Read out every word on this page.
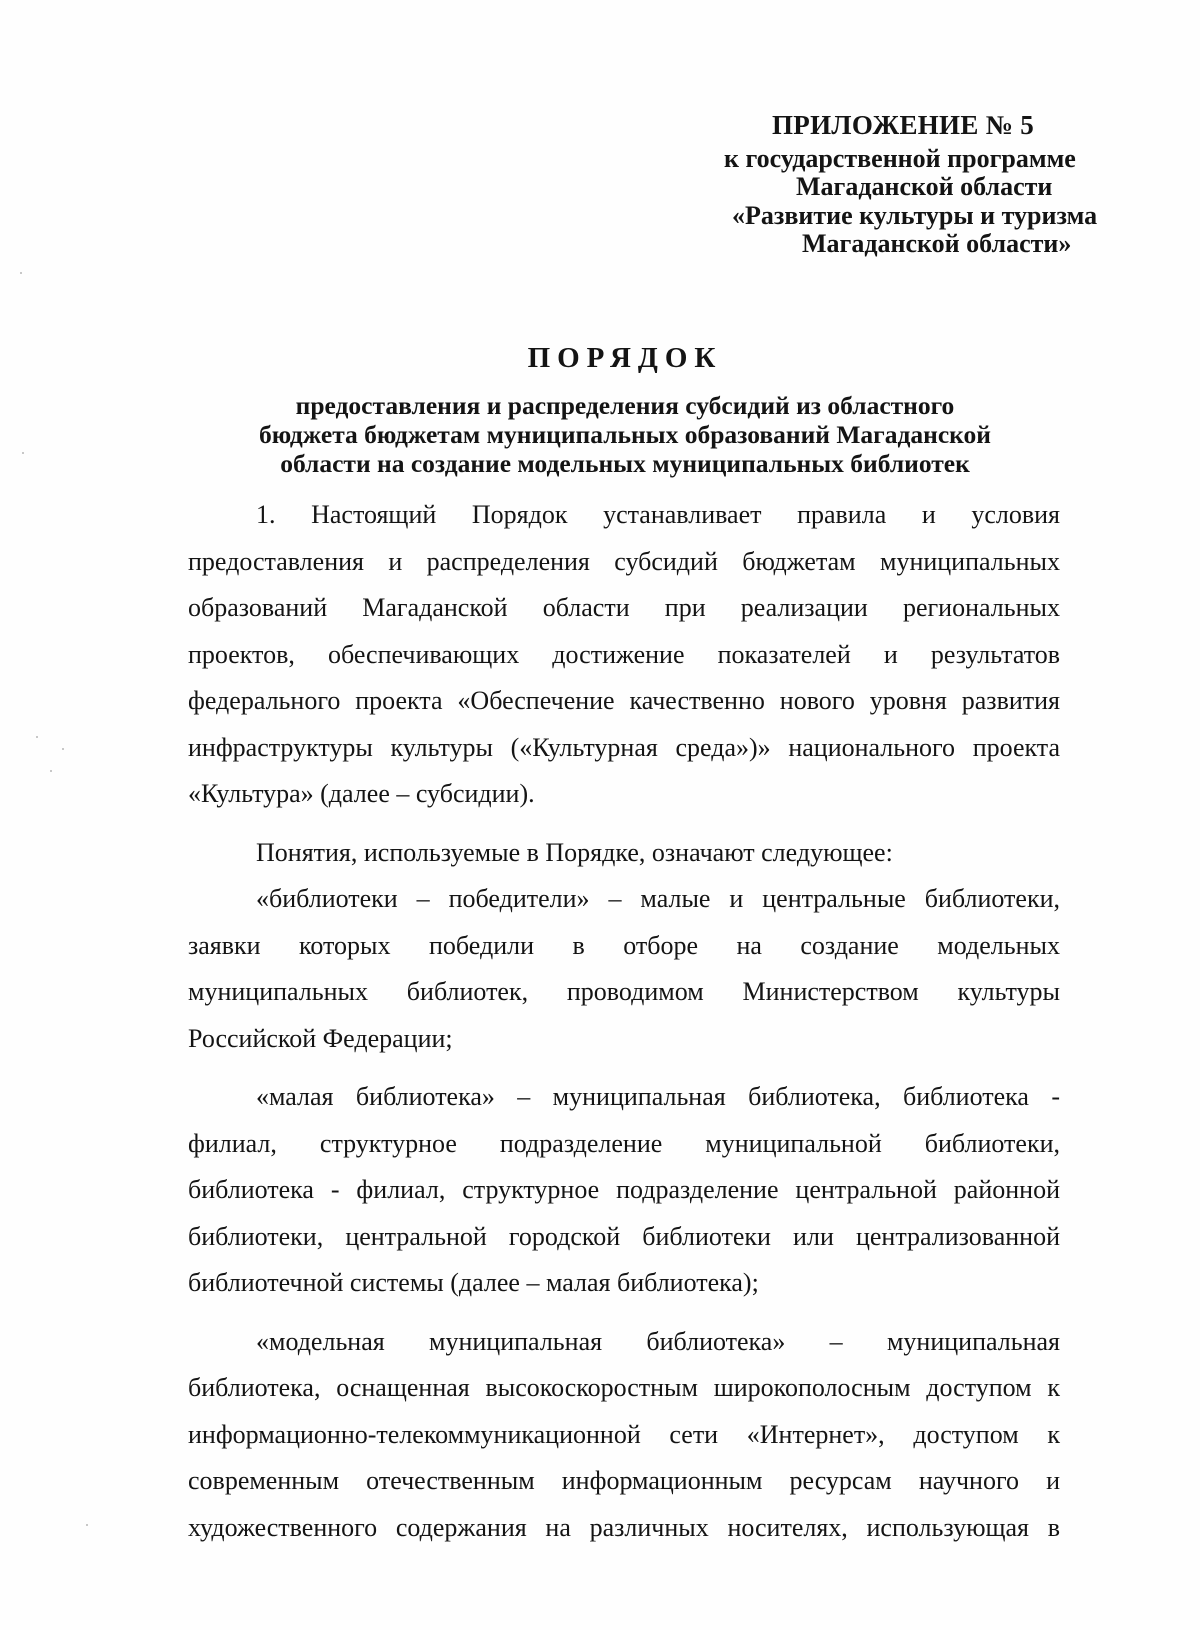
ПРИЛОЖЕНИЕ № 5
к государственной программе
Магаданской области
«Развитие культуры и туризма
Магаданской области»
ПОРЯДОК
предоставления и распределения субсидий из областного
бюджета бюджетам муниципальных образований Магаданской
области на создание модельных муниципальных библиотек
1. Настоящий Порядок устанавливает правила и условия
предоставления и распределения субсидий бюджетам муниципальных
образований Магаданской области при реализации региональных
проектов, обеспечивающих достижение показателей и результатов
федерального проекта «Обеспечение качественно нового уровня развития
инфраструктуры культуры («Культурная среда»)» национального проекта
«Культура» (далее – субсидии).
Понятия, используемые в Порядке, означают следующее:
«библиотеки – победители» – малые и центральные библиотеки,
заявки которых победили в отборе на создание модельных
муниципальных библиотек, проводимом Министерством культуры
Российской Федерации;
«малая библиотека» – муниципальная библиотека, библиотека -
филиал, структурное подразделение муниципальной библиотеки,
библиотека - филиал, структурное подразделение центральной районной
библиотеки, центральной городской библиотеки или централизованной
библиотечной системы (далее – малая библиотека);
«модельная муниципальная библиотека» – муниципальная
библиотека, оснащенная высокоскоростным широкополосным доступом к
информационно-телекоммуникационной сети «Интернет», доступом к
современным отечественным информационным ресурсам научного и
художественного содержания на различных носителях, использующая в
